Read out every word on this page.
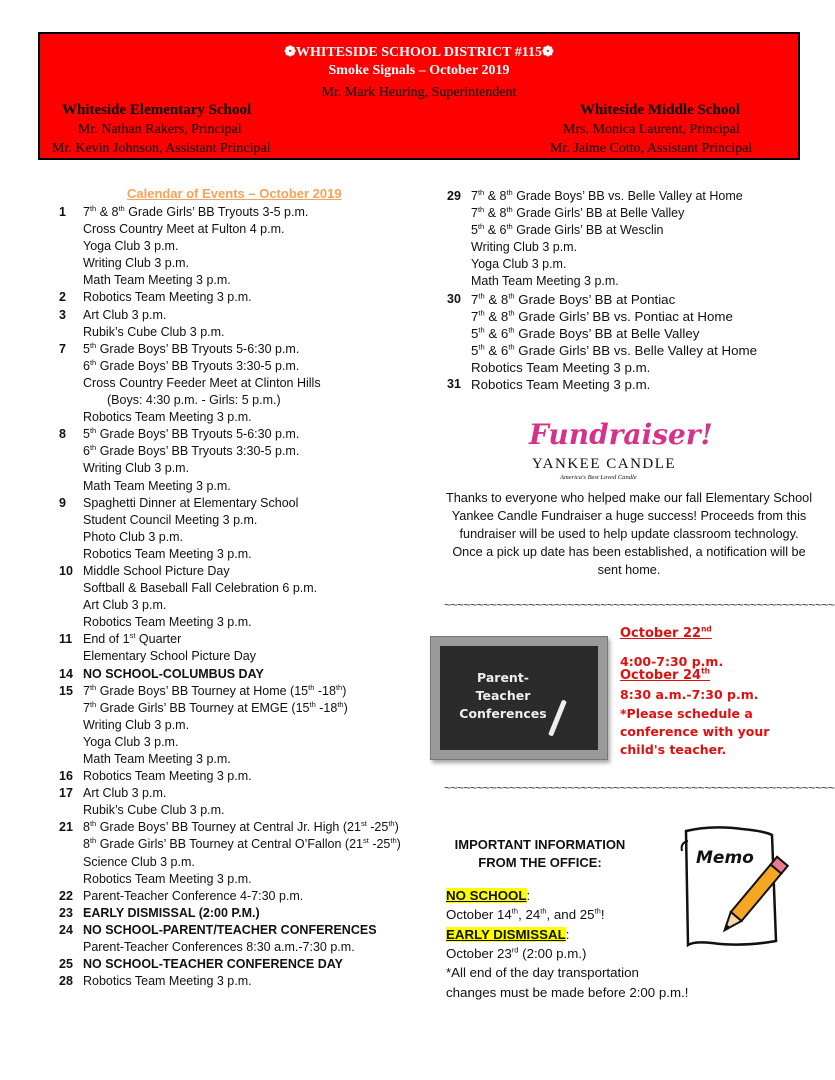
❁WHITESIDE SCHOOL DISTRICT #115❁
Smoke Signals – October 2019
Mr. Mark Heuring, Superintendent
Whiteside Elementary School
Mr. Nathan Rakers, Principal
Mr. Kevin Johnson, Assistant Principal
Whiteside Middle School
Mrs. Monica Laurent, Principal
Mr. Jaime Cotto, Assistant Principal
Calendar of Events – October 2019
1	7th & 8th Grade Girls’ BB Tryouts 3-5 p.m.
Cross Country Meet at Fulton 4 p.m.
Yoga Club 3 p.m.
Writing Club 3 p.m.
Math Team Meeting 3 p.m.
2	Robotics Team Meeting 3 p.m.
3	Art Club 3 p.m.
Rubik’s Cube Club 3 p.m.
7	5th Grade Boys’ BB Tryouts 5-6:30 p.m.
6th Grade Boys’ BB Tryouts 3:30-5 p.m.
Cross Country Feeder Meet at Clinton Hills
(Boys: 4:30 p.m. - Girls: 5 p.m.)
Robotics Team Meeting 3 p.m.
8	5th Grade Boys’ BB Tryouts 5-6:30 p.m.
6th Grade Boys’ BB Tryouts 3:30-5 p.m.
Writing Club 3 p.m.
Math Team Meeting 3 p.m.
9	Spaghetti Dinner at Elementary School
Student Council Meeting 3 p.m.
Photo Club 3 p.m.
Robotics Team Meeting 3 p.m.
10 Middle School Picture Day
Softball & Baseball Fall Celebration 6 p.m.
Art Club 3 p.m.
Robotics Team Meeting 3 p.m.
11 End of 1st Quarter
Elementary School Picture Day
14 NO SCHOOL-COLUMBUS DAY
15 7th Grade Boys’ BB Tourney at Home (15th -18th)
7th Grade Girls’ BB Tourney at EMGE (15th -18th)
Writing Club 3 p.m.
Yoga Club 3 p.m.
Math Team Meeting 3 p.m.
16 Robotics Team Meeting 3 p.m.
17 Art Club 3 p.m.
Rubik’s Cube Club 3 p.m.
21 8th Grade Boys’ BB Tourney at Central Jr. High (21st -25th)
8th Grade Girls’ BB Tourney at Central O’Fallon (21st -25th)
Science Club 3 p.m.
Robotics Team Meeting 3 p.m.
22 Parent-Teacher Conference 4-7:30 p.m.
23 EARLY DISMISSAL (2:00 P.M.)
24 NO SCHOOL-PARENT/TEACHER CONFERENCES
Parent-Teacher Conferences 8:30 a.m.-7:30 p.m.
25 NO SCHOOL-TEACHER CONFERENCE DAY
28 Robotics Team Meeting 3 p.m.
29 7th & 8th Grade Boys’ BB vs. Belle Valley at Home
7th & 8th Grade Girls’ BB at Belle Valley
5th & 6th Grade Girls’ BB at Wesclin
Writing Club 3 p.m.
Yoga Club 3 p.m.
Math Team Meeting 3 p.m.
30 7th & 8th Grade Boys’ BB at Pontiac
7th & 8th Grade Girls’ BB vs. Pontiac at Home
5th & 6th Grade Boys’ BB at Belle Valley
5th & 6th Grade Girls’ BB vs. Belle Valley at Home
Robotics Team Meeting 3 p.m.
31 Robotics Team Meeting 3 p.m.
Fundraiser!
YANKEE CANDLE
America's Best Loved Candle
Thanks to everyone who helped make our fall Elementary School Yankee Candle Fundraiser a huge success! Proceeds from this fundraiser will be used to help update classroom technology. Once a pick up date has been established, a notification will be sent home.
~~~~~~~~~~~~~~~~~~~~~~~~~~~~~~~~~~~~~~~~~~~~~~~~~~~~~~~~~~~~
Parent-Teacher Conferences
October 22nd
4:00-7:30 p.m.
October 24th
8:30 a.m.-7:30 p.m.
*Please schedule a
conference with your
child's teacher.
~~~~~~~~~~~~~~~~~~~~~~~~~~~~~~~~~~~~~~~~~~~~~~~~~~~~~~~~~~~~
IMPORTANT INFORMATION FROM THE OFFICE:
NO SCHOOL:
October 14th, 24th, and 25th!
EARLY DISMISSAL:
October 23rd (2:00 p.m.)
*All end of the day transportation
changes must be made before 2:00 p.m.!
Memo
